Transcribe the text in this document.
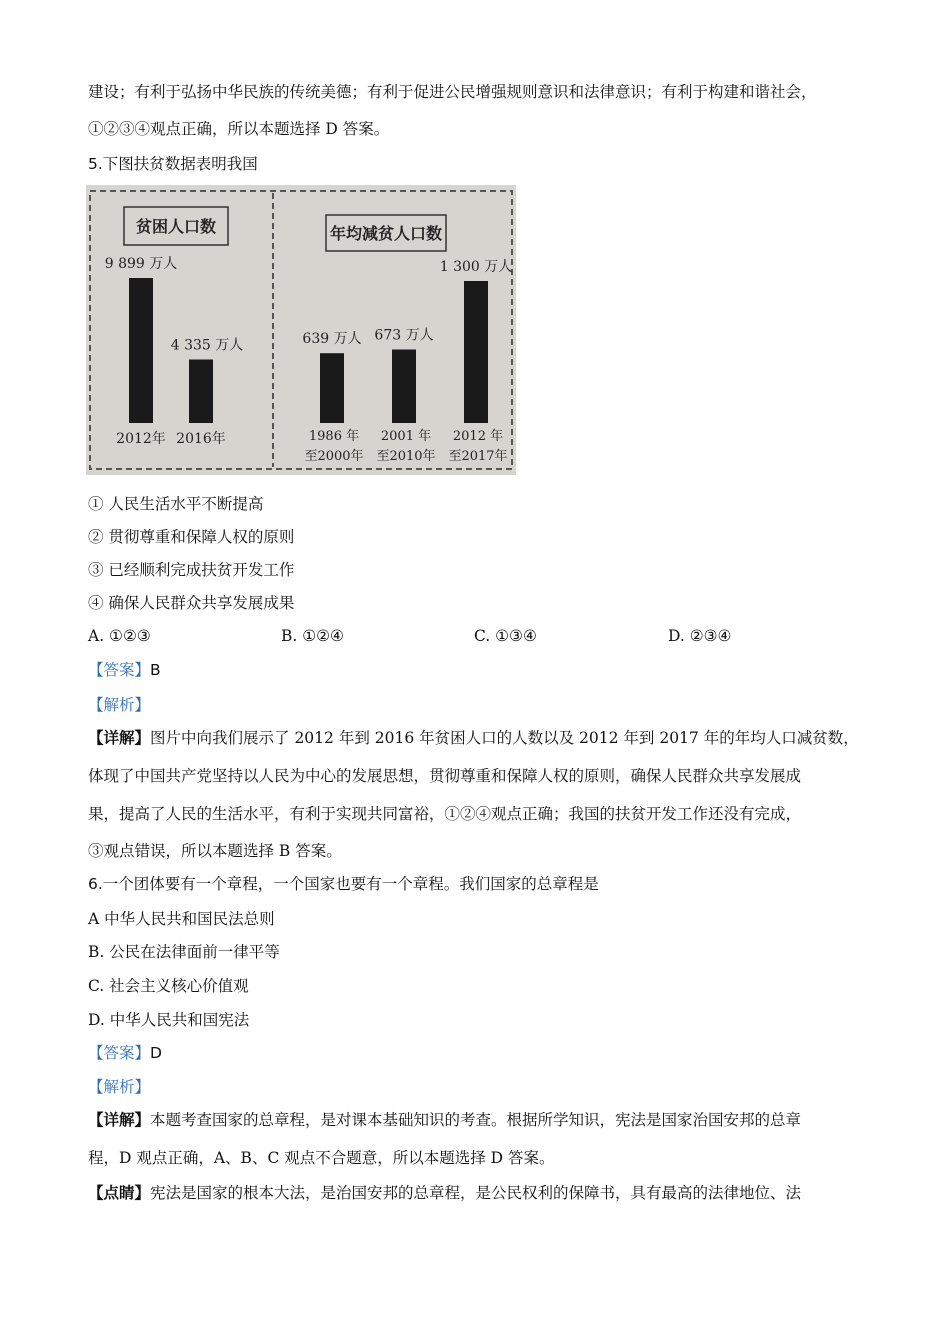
建设；有利于弘扬中华民族的传统美德；有利于促进公民增强规则意识和法律意识；有利于构建和谐社会，
①②③④观点正确，所以本题选择 D 答案。
5.下图扶贫数据表明我国
贫困人口数
9 899 万人
2012年
4 335 万人
2016年
年均减贫人口数
639 万人
1986 年
至2000年
673 万人
2001 年
至2010年
1 300 万人
2012 年
至2017年
① 人民生活水平不断提高
② 贯彻尊重和保障人权的原则
③ 已经顺利完成扶贫开发工作
④ 确保人民群众共享发展成果
A. ①②③	B. ①②④	C. ①③④	D. ②③④
【答案】B
【解析】
【详解】图片中向我们展示了 2012 年到 2016 年贫困人口的人数以及 2012 年到 2017 年的年均人口减贫数，
体现了中国共产党坚持以人民为中心的发展思想，贯彻尊重和保障人权的原则，确保人民群众共享发展成
果，提高了人民的生活水平，有利于实现共同富裕，①②④观点正确；我国的扶贫开发工作还没有完成，
③观点错误，所以本题选择 B 答案。
6.一个团体要有一个章程，一个国家也要有一个章程。我们国家的总章程是
A 中华人民共和国民法总则
B. 公民在法律面前一律平等
C. 社会主义核心价值观
D. 中华人民共和国宪法
【答案】D
【解析】
【详解】本题考查国家的总章程，是对课本基础知识的考查。根据所学知识，宪法是国家治国安邦的总章
程，D 观点正确，A、B、C 观点不合题意，所以本题选择 D 答案。
【点睛】宪法是国家的根本大法，是治国安邦的总章程，是公民权利的保障书，具有最高的法律地位、法
